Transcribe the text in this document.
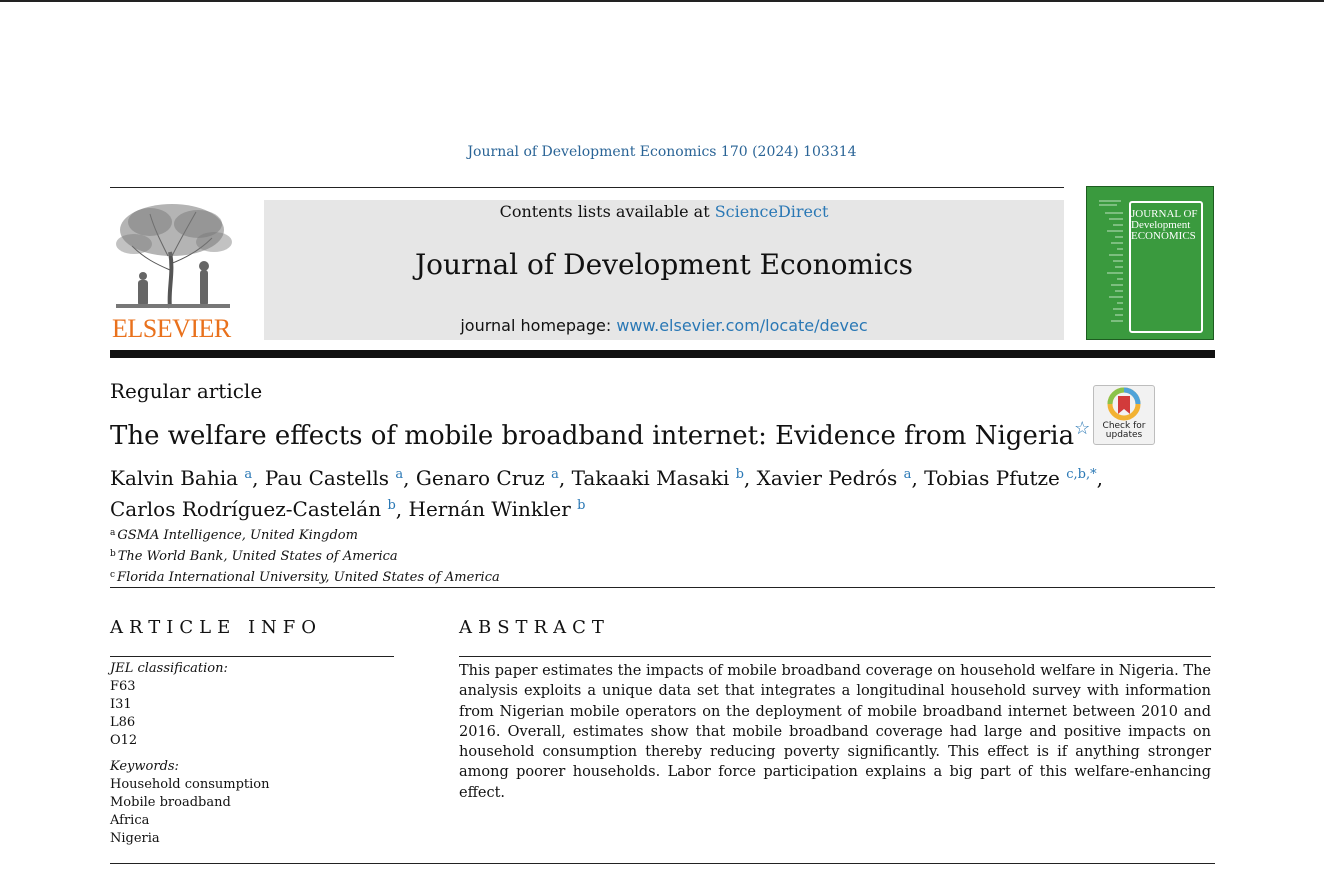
Journal of Development Economics 170 (2024) 103314
ELSEVIER
Contents lists available at ScienceDirect
Journal of Development Economics
journal homepage: www.elsevier.com/locate/devec
JOURNAL OF
Development
ECONOMICS
Regular article
The welfare effects of mobile broadband internet: Evidence from Nigeria☆	Check for
updates
Kalvin Bahia $^a$, Pau Castells $^a$, Genaro Cruz $^a$, Takaaki Masaki $^b$, Xavier Pedrós $^a$, Tobias Pfutze $^{c,b,*}$,
Carlos Rodríguez-Castelán $^b$, Hernán Winkler $^b$
$^a$ GSMA Intelligence, United Kingdom
$^b$ The World Bank, United States of America
$^c$ Florida International University, United States of America
ARTICLE INFO
JEL classification:
F63
I31
L86
O12
Keywords:
Household consumption
Mobile broadband
Africa
Nigeria
ABSTRACT
This paper estimates the impacts of mobile broadband coverage on household welfare in Nigeria. The analysis exploits a unique data set that integrates a longitudinal household survey with information from Nigerian mobile operators on the deployment of mobile broadband internet between 2010 and 2016. Overall, estimates show that mobile broadband coverage had large and positive impacts on household consumption thereby reducing poverty significantly. This effect is if anything stronger among poorer households. Labor force participation explains a big part of this welfare-enhancing effect.
